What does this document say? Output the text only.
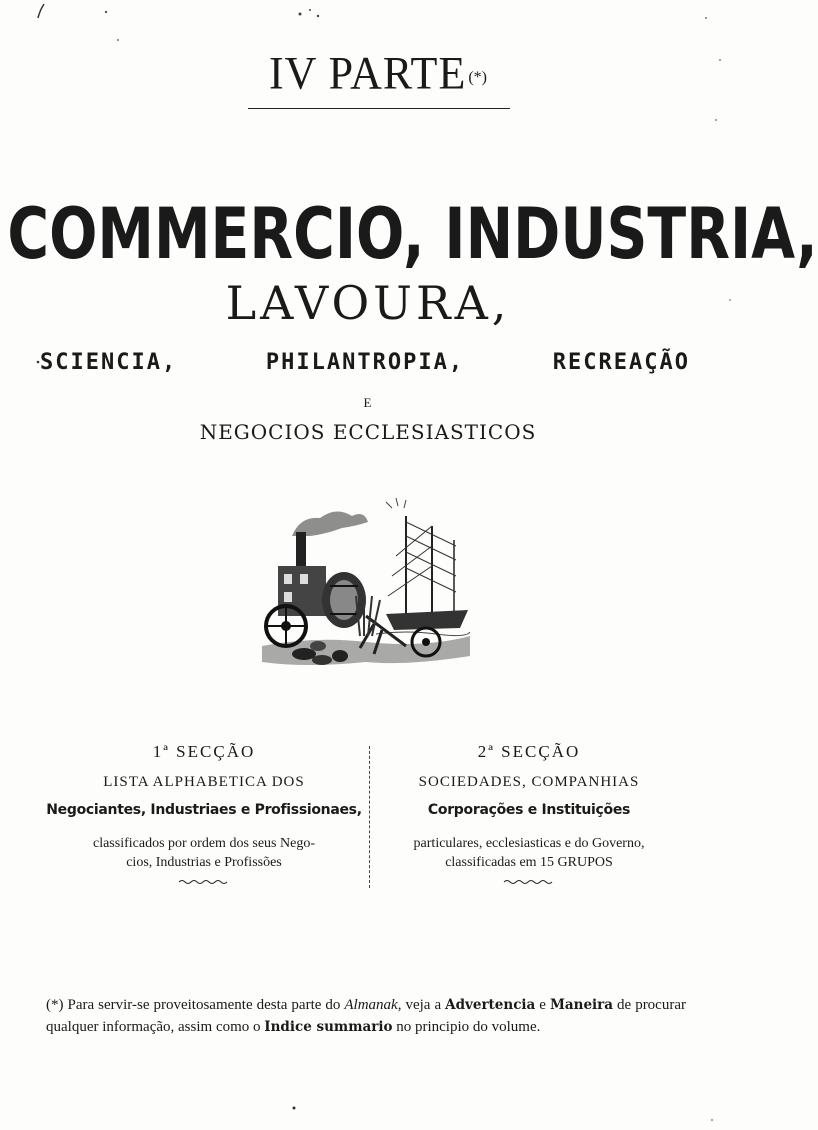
IV PARTE (*)
COMMERCIO, INDUSTRIA,
LAVOURA,
SCIENCIA,	PHILANTROPIA,	RECREAÇÃO
E
NEGOCIOS ECCLESIASTICOS
1ª SECÇÃO
LISTA ALPHABETICA DOS
Negociantes, Industriaes e Profissionaes,
classificados por ordem dos seus Nego-
cios, Industrias e Profissões
2ª SECÇÃO
SOCIEDADES, COMPANHIAS
Corporações e Instituições
particulares, ecclesiasticas e do Governo,
classificadas em 15 GRUPOS
(*) Para servir-se proveitosamente desta parte do Almanak, veja a Advertencia e Maneira de procurar qualquer informação, assim como o Indice summario no principio do volume.
